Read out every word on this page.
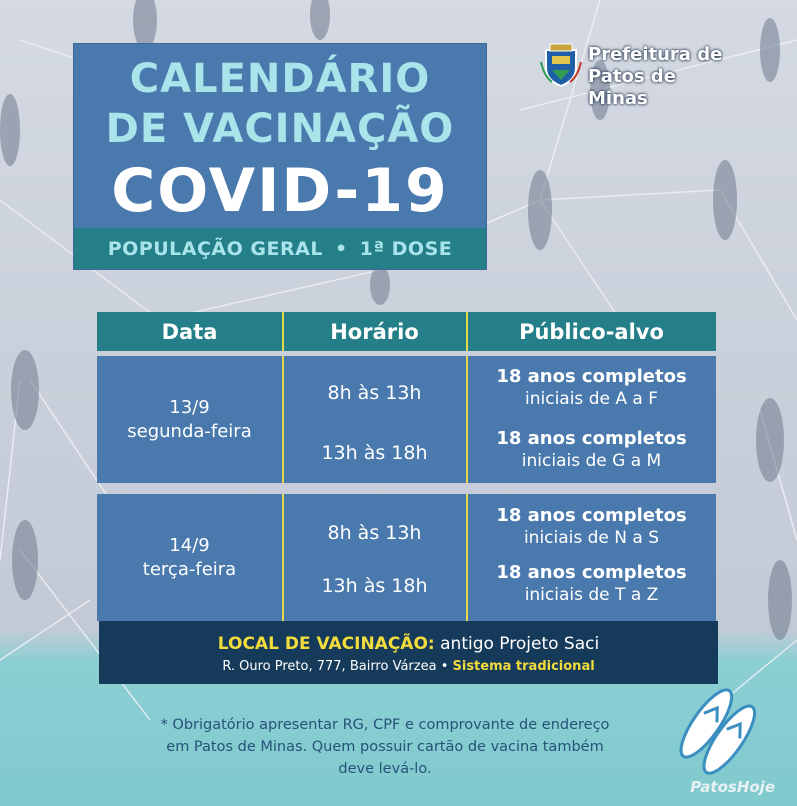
CALENDÁRIO
DE VACINAÇÃO
COVID-19
POPULAÇÃO GERAL • 1ª DOSE
Prefeitura de
Patos de Minas
Data	Horário	Público-alvo
13/9
segunda-feira
8h às 13h
18 anos completos
iniciais de A a F
13h às 18h
18 anos completos
iniciais de G a M
14/9
terça-feira
8h às 13h
18 anos completos
iniciais de N a S
13h às 18h
18 anos completos
iniciais de T a Z
LOCAL DE VACINAÇÃO: antigo Projeto Saci
R. Ouro Preto, 777, Bairro Várzea • Sistema tradicional
* Obrigatório apresentar RG, CPF e comprovante de endereço
em Patos de Minas. Quem possuir cartão de vacina também
deve levá-lo.
PatosHoje
